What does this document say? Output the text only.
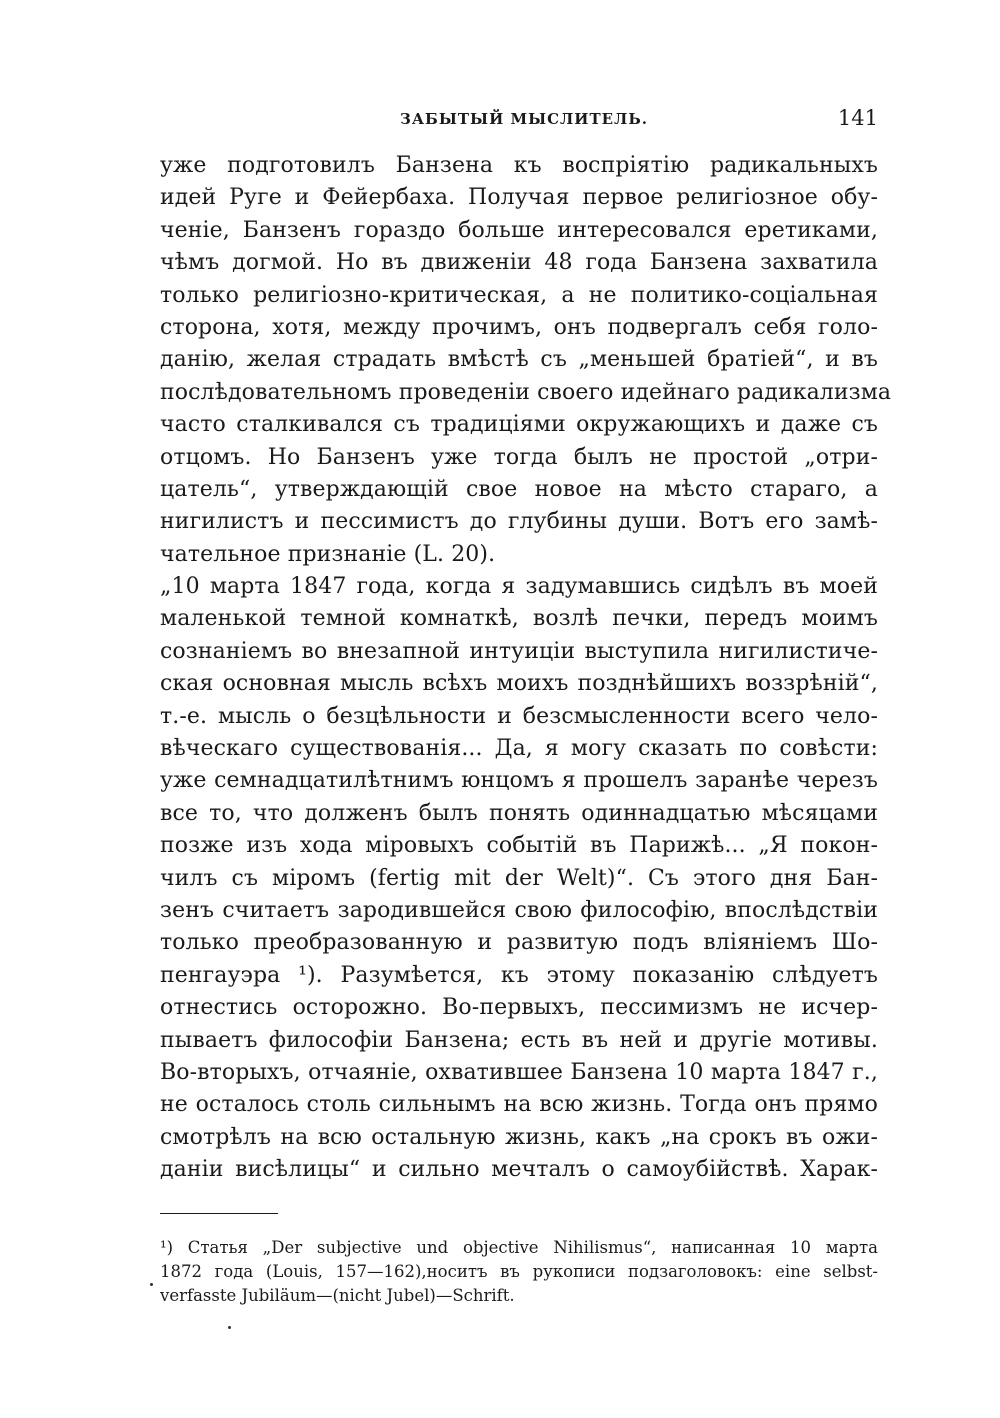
ЗАБЫТЫЙ МЫСЛИТЕЛЬ.	141
уже подготовилъ Банзена къ воспріятію радикальныхъ
идей Руге и Фейербаха. Получая первое религіозное обу-
ченіе, Банзенъ гораздо больше интересовался еретиками,
чѣмъ догмой. Но въ движеніи 48 года Банзена захватила
только религіозно-критическая, а не политико-соціальная
сторона, хотя, между прочимъ, онъ подвергалъ себя голо-
данію, желая страдать вмѣстѣ съ „меньшей братіей“, и въ
послѣдовательномъ проведеніи своего идейнаго радикализма
часто сталкивался съ традиціями окружающихъ и даже съ
отцомъ. Но Банзенъ уже тогда былъ не простой „отри-
цатель“, утверждающій свое новое на мѣсто стараго, а
нигилистъ и пессимистъ до глубины души. Вотъ его замѣ-
чательное признаніе (L. 20).
„10 марта 1847 года, когда я задумавшись сидѣлъ въ моей
маленькой темной комнаткѣ, возлѣ печки, передъ моимъ
сознаніемъ во внезапной интуиціи выступила нигилистиче-
ская основная мысль всѣхъ моихъ позднѣйшихъ воззрѣній“,
т.-е. мысль о безцѣльности и безсмысленности всего чело-
вѣческаго существованія... Да, я могу сказать по совѣсти:
уже семнадцатилѣтнимъ юнцомъ я прошелъ заранѣе черезъ
все то, что долженъ былъ понять одиннадцатью мѣсяцами
позже изъ хода міровыхъ событій въ Парижѣ... „Я покон-
чилъ съ міромъ (fertig mit der Welt)“. Съ этого дня Бан-
зенъ считаетъ зародившейся свою философію, впослѣдствіи
только преобразованную и развитую подъ вліяніемъ Шо-
пенгауэра ¹). Разумѣется, къ этому показанію слѣдуетъ
отнестись осторожно. Во-первыхъ, пессимизмъ не исчер-
пываетъ философіи Банзена; есть въ ней и другіе мотивы.
Во-вторыхъ, отчаяніе, охватившее Банзена 10 марта 1847 г.,
не осталось столь сильнымъ на всю жизнь. Тогда онъ прямо
смотрѣлъ на всю остальную жизнь, какъ „на срокъ въ ожи-
даніи висѣлицы“ и сильно мечталъ о самоубійствѣ. Харак-
¹) Статья „Der subjective und objective Nihilismus“, написанная 10 марта
1872 года (Louis, 157—162),носитъ въ рукописи подзаголовокъ: eine selbst-
verfasste Jubiläum—(nicht Jubel)—Schrift.
